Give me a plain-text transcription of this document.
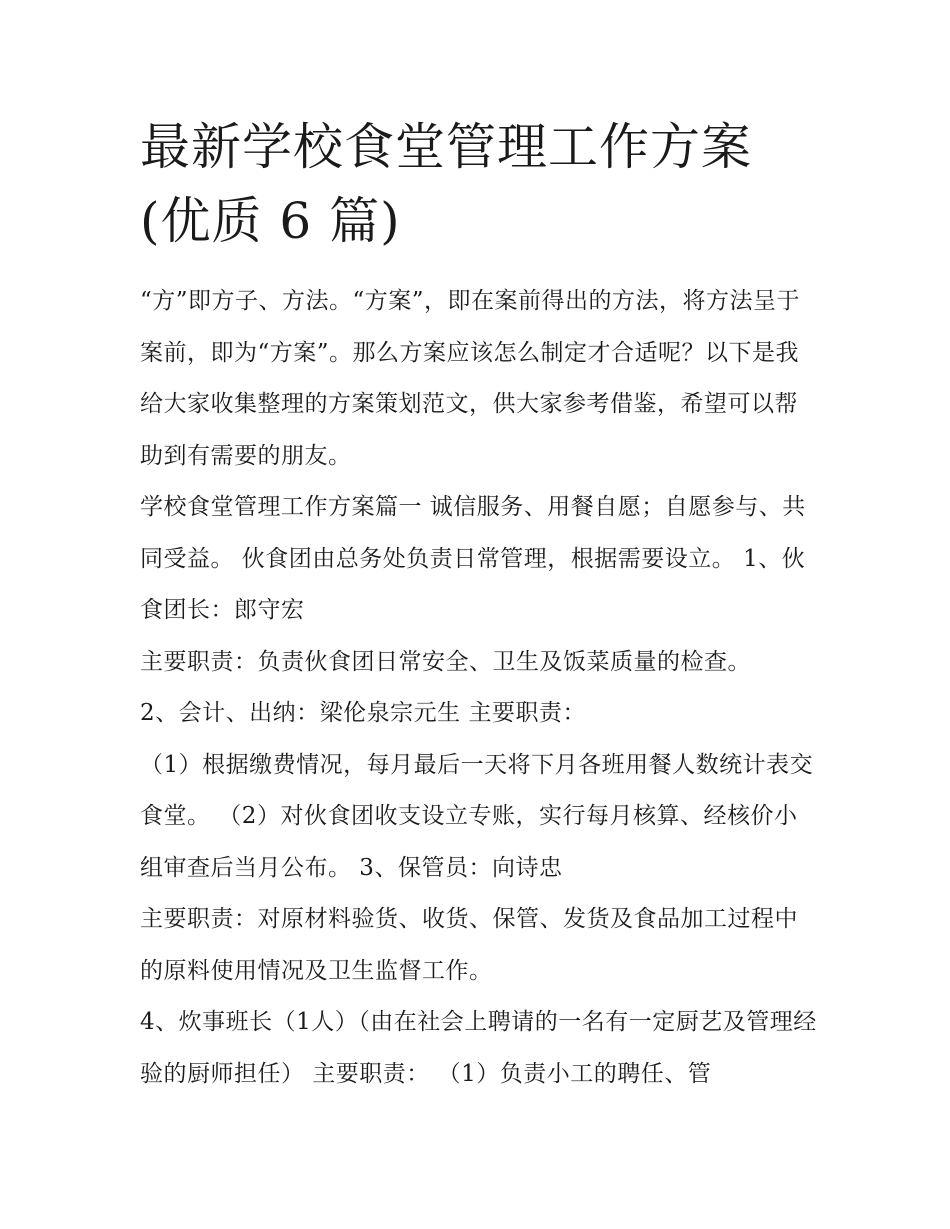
最新学校食堂管理工作方案(优质 6 篇)

“方”即方子、方法。“方案”，即在案前得出的方法，将方法呈于案前，即为“方案”。那么方案应该怎么制定才合适呢？以下是我给大家收集整理的方案策划范文，供大家参考借鉴，希望可以帮助到有需要的朋友。

学校食堂管理工作方案篇一 诚信服务、用餐自愿；自愿参与、共同受益。 伙食团由总务处负责日常管理，根据需要设立。 1、伙食团长：郎守宏

主要职责：负责伙食团日常安全、卫生及饭菜质量的检查。

2、会计、出纳：梁伦泉宗元生 主要职责：

（1）根据缴费情况，每月最后一天将下月各班用餐人数统计表交食堂。 （2）对伙食团收支设立专账，实行每月核算、经核价小组审查后当月公布。 3、保管员：向诗忠

主要职责：对原材料验货、收货、保管、发货及食品加工过程中的原料使用情况及卫生监督工作。

4、炊事班长（1人）（由在社会上聘请的一名有一定厨艺及管理经验的厨师担任） 主要职责： （1）负责小工的聘任、管
